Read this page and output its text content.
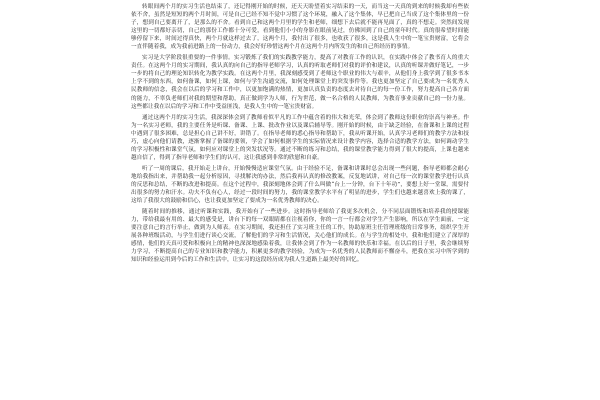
转眼间两个月的实习生活也结束了，还记得刚开始的时候，还天天盼望着实习结束的一天，而当这一天真的到来的时候我却有些依依不舍，虽然是短短的两个月时间，可是自己已经不知不觉中习惯了这个环境，融入了这个集体，早已把自己当成了这个集体里的一份子，想到自己要离开了，是那么的不舍。看到自己和这两个月里的学生和老师，细想下去后就不能再见面了，真的不想走。突然间发现这里的一切都好亲切，自己的那份工作都十分可爱，看到他们小小的身影在眼前晃过，仿佛回到了自己的童年时代。真的很希望时间能够停留下来，时间过得真快，两个月就这样过去了，这两个月，我付出了很多，也收获了很多，这是我人生中的一笔宝贵财富，它将会一直伴随着我，成为我前进路上的一份动力，我会好好珍惜这两个月在这两个月内所发生的和自己所经历的事情。

实习是大学阶段很重要的一件事情。实习锻炼了我们的实践教学能力，提高了对教育工作的认识，在实践中体会了教书育人的重大责任。在这两个月的实习期间，我认真的向自己的指导老师学习，认真的听取老师们对我的评价和建议，认真的听课并做好笔记，一步一步的将自己的理论知识转化为教学实践。在这两个月里，我深刻感受到了老师这个职业的伟大与艰辛，从他们身上我学到了很多书本上学不到的东西，如何备课，如何上课，如何与学生沟通交流，如何处理课堂上的突发事件等。我也更加坚定了自己要成为一名优秀人民教师的信念，我会在以后的学习和工作中，以更加饱满的热情，更加认真负责的态度去对待自己的每一份工作，努力提高自己各方面的能力，不辜负老师们对我的期望和帮助，真正做到学为人师，行为世范，做一名合格的人民教师，为教育事业贡献自己的一份力量。这些都让我在以后的学习和工作中受益匪浅，是我人生中的一笔宝贵财富。

通过这两个月的实习生活，我深深体会到了教师看似平凡的工作中蕴含着的伟大和光荣，体会到了教师这份职业的崇高与神圣。作为一名实习老师，我的主要任务是听课、备课、上课、批改作业以及课后辅导等。刚开始的时候，由于缺乏经验，在备课和上课的过程中遇到了很多困难，总是担心自己讲不好，讲错了。在指导老师的悉心指导和帮助下，我从听课开始，认真学习老师们的教学方法和技巧，虚心向他们请教，逐渐掌握了备课的要领，学会了如何根据学生的实际情况来设计教学内容，选择合适的教学方法，如何调动学生的学习积极性和课堂气氛，如何应对课堂上的突发状况等。通过不断的练习和总结，我的课堂教学能力得到了很大的提高，上课也越来越自信了，得到了指导老师和学生们的认可，这让我感到非常的欣慰和自豪。

听了一周的课后，我开始走上讲台，开始慢慢适应课堂气氛。由于经验不足，备课和讲课时总会出现一些问题，指导老师都会耐心地给我指出来，并帮助我一起分析原因，寻找解决的办法，然后我再认真的修改教案，反复地试讲，对自己每一次的课堂教学进行认真的反思和总结，不断的改进和提高。在这个过程中，我深刻地体会到了什么叫做“台上一分钟，台下十年功”，要想上好一堂课，需要付出很多的努力和汗水。功夫不负有心人，经过一段时间的努力，我的课堂教学水平有了明显的进步，学生们也越来越喜欢上我的课了，这给了我很大的鼓励和信心，也让我更加坚定了要成为一名优秀教师的决心。

随着时间的推移，通过听课和实践，我开始有了一些进步。这时指导老师给了我更多次机会，分不同层面锻炼和培养我的授课能力，带给我最有用的、最大的感受是，讲台下的每一双眼睛都在注视着你，你的一言一行都会对学生产生影响，所以在学生面前，一定要注意自己的言行举止，做到为人师表。在实习期间，我还担任了实习班主任的工作，协助原班主任管理班级的日常事务，组织学生开展各种班级活动，与学生们进行谈心交流，了解他们的学习和生活情况，关心他们的成长。在与学生的相处中，我和他们建立了深厚的感情，他们的天真可爱和积极向上的精神也深深地感染着我，让我体会到了作为一名教师的快乐和幸福。在以后的日子里，我会继续努力学习，不断提高自己的专业知识和教学能力，积累更多的教学经验，为成为一名优秀的人民教师而不懈奋斗，把我在实习中所学到的知识和经验运用到今后的工作和生活中，让实习的这段经历成为我人生道路上最美好的回忆。
